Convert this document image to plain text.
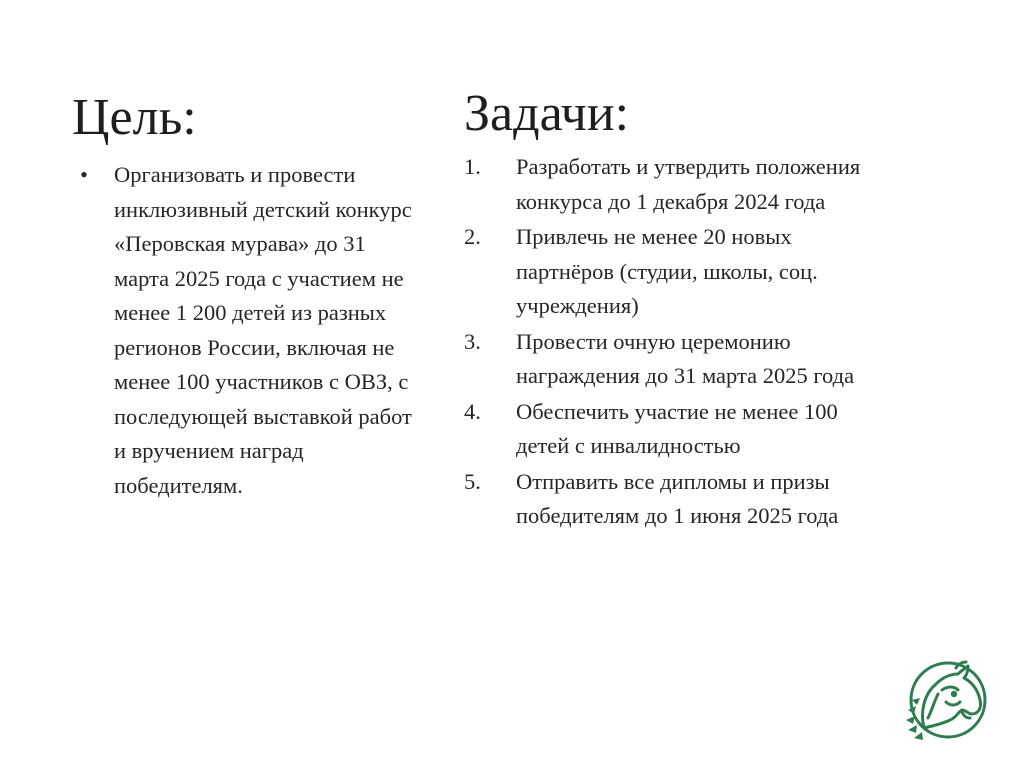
Цель:
• Организовать и провести инклюзивный детский конкурс «Перовская мурава» до 31 марта 2025 года с участием не менее 1 200 детей из разных регионов России, включая не менее 100 участников с ОВЗ, с последующей выставкой работ и вручением наград победителям.
Задачи:
1. Разработать и утвердить положения конкурса до 1 декабря 2024 года
2. Привлечь не менее 20 новых партнёров (студии, школы, соц. учреждения)
3. Провести очную церемонию награждения до 31 марта 2025 года
4. Обеспечить участие не менее 100 детей с инвалидностью
5. Отправить все дипломы и призы победителям до 1 июня 2025 года
